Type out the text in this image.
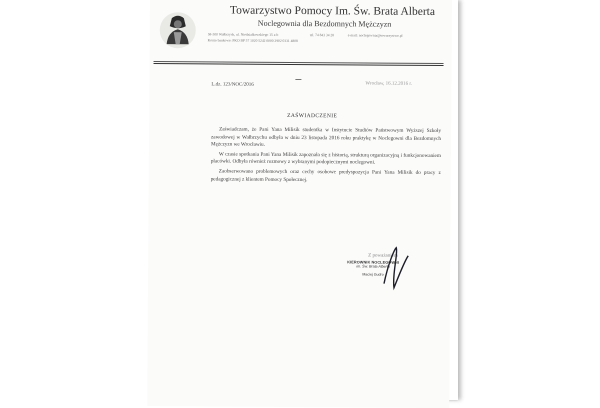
Towarzystwo Pomocy Im. Św. Brata Alberta
Noclegownia dla Bezdomnych Mężczyzn
58-300 Wałbrzych, ul. Niedziałkowskiego 15 a-b	tel. 74 843 34 28	e-mail: noclegownia@towarzystwo.pl
Konto bankowe: PKO BP 57 1020 5242 0000 2902 0331 4808
L.dz. 123/NOC/2016	Wrocław, 16.12.2016 r.
ZAŚWIADCZENIE

Zaświadczam, że Pani Yana Milisik studentka w Instytucie Studiów Państwowym Wyższej Szkoły zawodowej w Wałbrzychu odbyła w dniu 23 listopada 2016 roku praktykę w Noclegowni dla Bezdomnych Mężczyzn we Wrocławiu.

W czasie spotkania Pani Yana Milisik zapoznała się z historią, strukturą organizacyjną i funkcjonowaniem placówki. Odbyła również rozmowy z wybranymi podopiecznymi noclegowni.

Zaobserwowano problemowych oraz cechy osobowe predyspozycja Pani Yana Milisik do pracy z pedagogicznej z klientem Pomocy Społecznej.

Z poważaniem
KIEROWNIK NOCLEGOWNI
im. Św. Brata Alberta
Maciej Gudro
